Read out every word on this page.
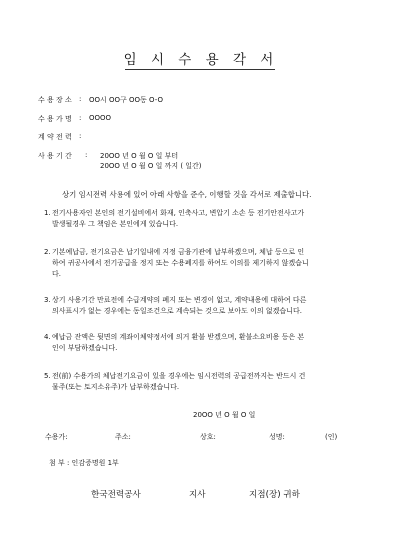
임 시 수 용 각 서
수 용 장 소 : OO시 OO구 OO동 O-O
수 용 가 명 : OOOO
계 약 전 력 :
사 용 기 간 : 20OO 년 O 월 O 일 부터
20OO 년 O 월 O 일 까지 ( 일간)
상기 임시전력 사용에 있어 아래 사항을 준수, 이행할 것을 각서로 제출합니다.
1. 전기사용자인 본인의 전기설비에서 화재, 인축사고, 변압기 소손 등 전기안전사고가
발생될경우 그 책임은 본인에게 있습니다.
2. 기본예납금, 전기요금은 납기일내에 지정 금융기관에 납부하겠으며, 체납 등으로 인
하여 귀공사에서 전기공급을 정지 또는 수용폐지를 하여도 이의를 제기하지 않겠습니
다.
3. 상기 사용기간 만료전에 수급계약의 폐지 또는 변경이 없고, 계약내용에 대하여 다른
의사표시가 없는 경우에는 동일조건으로 계속되는 것으로 보아도 이의 없겠습니다.
4. 예납금 잔액은 뒷면의 계좌이체약정서에 의거 환불 받겠으며, 환불소요비용 등은 본
인이 부담하겠습니다.
5. 전(前) 수용가의 체납전기요금이 있을 경우에는 임시전력의 공급전까지는 반드시 건
물주(또는 토지소유주)가 납부하겠습니다.
20OO 년 O 월 O 일
수용가:	주소:	상호:	성명:	(인)
첨 부 : 인감증명원 1부
한국전력공사	지사	지점(장) 귀하
